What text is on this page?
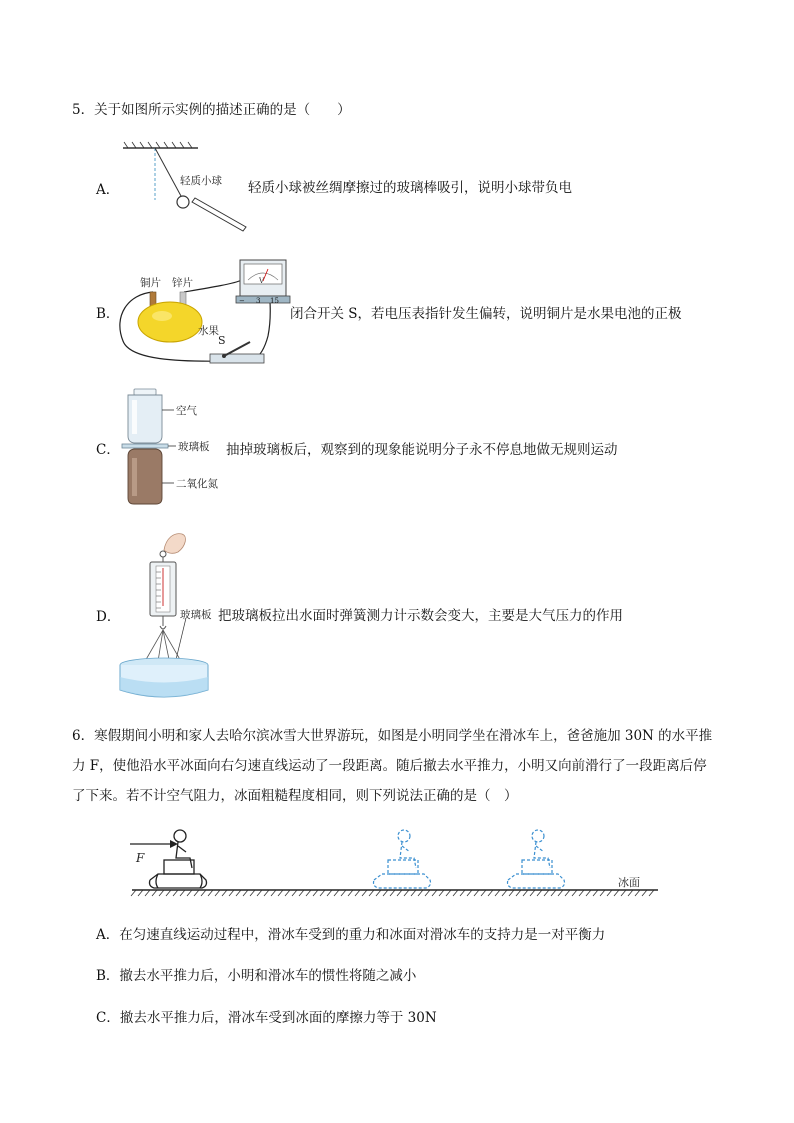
5．关于如图所示实例的描述正确的是（　　）
A．
轻质小球 轻质小球被丝绸摩擦过的玻璃棒吸引，说明小球带负电
B．
V
− 3 15
S
铜片 锌片
水果
闭合开关 S，若电压表指针发生偏转，说明铜片是水果电池的正极
C．
空气
玻璃板
二氧化氮
抽掉玻璃板后，观察到的现象能说明分子永不停息地做无规则运动
D．	玻璃板 把玻璃板拉出水面时弹簧测力计示数会变大，主要是大气压力的作用
6．寒假期间小明和家人去哈尔滨冰雪大世界游玩，如图是小明同学坐在滑冰车上，爸爸施加 30N 的水平推
力 F，使他沿水平冰面向右匀速直线运动了一段距离。随后撤去水平推力，小明又向前滑行了一段距离后停
了下来。若不计空气阻力，冰面粗糙程度相同，则下列说法正确的是（　）
F
冰面
A．在匀速直线运动过程中，滑冰车受到的重力和冰面对滑冰车的支持力是一对平衡力
B．撤去水平推力后，小明和滑冰车的惯性将随之减小
C．撤去水平推力后，滑冰车受到冰面的摩擦力等于 30N
